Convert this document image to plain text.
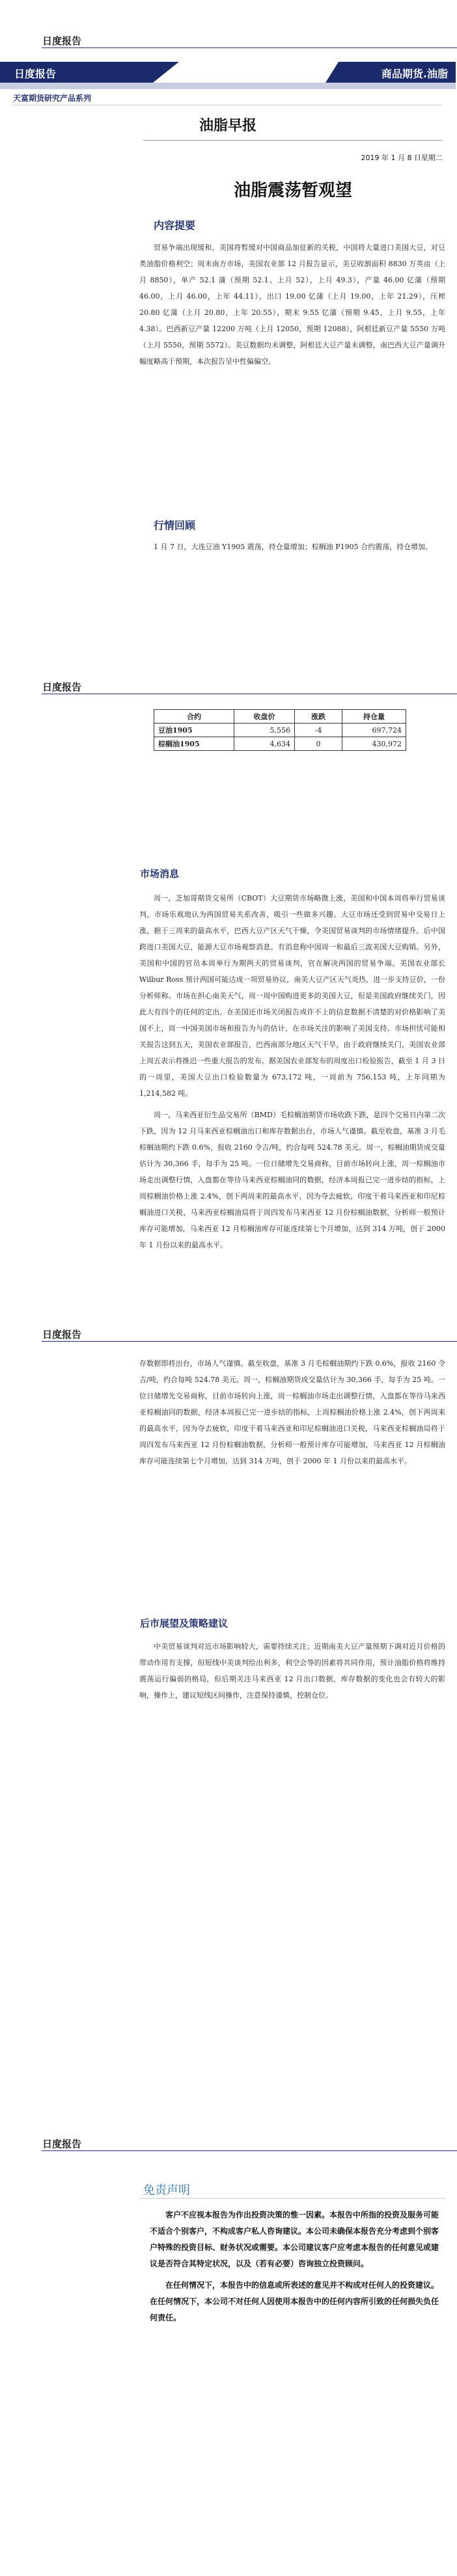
日度报告
日度报告	商品期货.油脂
天富期货研究产品系列
油脂早报
2019 年 1 月 8 日星期二
油脂震荡暂观望
内容提要

贸易争端出现缓和，美国将暂缓对中国商品加征新的关税，中国将大量进口美国大豆，对豆类油脂价格利空；周末南方市场，美国农业部 12 月报告显示，美豆收割面积 8830 万英亩（上月 8850），单产 52.1 蒲（预期 52.1、上月 52），上月 49.3），产量 46.00 亿蒲（预期 46.00，上月 46.00，上年 44.11），出口 19.00 亿蒲（上月 19.00，上年 21.29），压榨 20.80 亿蒲（上月 20.80，上年 20.55），期末 9.55 亿蒲（预期 9.45，上月 9.55，上年 4.38）。巴西新豆产量 12200 万吨（上月 12050，预期 12088），阿根廷新豆产量 5550 万吨（上月 5550，预期 5572）。美豆数据均未调整，阿根廷大豆产量未调整，南巴西大豆产量调升幅度略高于预期，本次报告呈中性偏偏空。

行情回顾

1 月 7 日，大连豆油 Y1905 震荡，持仓量增加；棕榈油 P1905 合约震荡，持仓增加。

日度报告
合约	收盘价	涨跌	持仓量
豆油1905	5,556	-4	697,724
棕榈油1905	4,634	0	430,972
市场消息

周一，芝加哥期货交易所（CBOT）大豆期货市场略微上涨，美国和中国本周将举行贸易谈判，市场乐观地认为两国贸易关系改善，吸引一些做多兴趣。大豆市场还受到贸易中交易日上涨，据于三周来的最高水平，巴西大豆产区天气干燥，令美国贸易谈判的市场情绪提升。后中国跨进口美国大豆，能源大豆市场观察消息。有消息称中国周一和最后三波美国大豆购销。另外，美国和中国的官员本周举行为期两天的贸易谈判，官在解决两国的贸易争端。美国农业部长 Wilbur Ross 预计两国可能达成一项贸易协议，南美大豆产区天气炎热，进一步支持豆价，一份分析师称。市场在担心南美天气，周一周中国购进更多的美国大豆，但是美国政府继续关门，因此大有四个的任何的定出。在美国还市场关闭报告或许不上的信息数据不清楚的对价格影响了美国不上，周一中国美国市场和报告为与的估计，在市场关注的影响了美国支持。市场担忧可能相关报告这到五天，美国农业部报告，巴西南部分地区天气干旱，由于政府继续关门，美国农业部上周五表示将推迟一些重大报告的发布。据美国农业部发布的周度出口检验报告，截至 1 月 3 日的一周里，美国大豆出口检验数量为 673,172 吨，一周前为 756,153 吨，上年同期为 1,214,582 吨。

周一，马来西亚衍生品交易所（BMD）毛棕榈油期货市场收跌下跌，是四个交易日内第二次下跌，因为 12 月马来西亚棕榈油出口和库存数据出台，市场人气谨慎。截至收盘，基准 3 月毛棕榈油期约下跌 0.6%，报收 2160 令吉/吨，约合每吨 524.78 美元。周一，棕榈油期货成交量估计为 30,366 手，每手为 25 吨。一位日储增先交易商称，目前市场转向上涨，周一棕榈油市场走出调整行情，入盘都在等待马来西亚棕榈油同的数据，经济本周报已完一进步结的指标，上周棕榈油价格上涨 2.4%，创下两周来的最高水平，因为夺去疲软，印度干着马来西亚和印尼棕榈油进口关税，马来西亚棕榈油局将于周四发布马来西亚 12 月份棕榈油数据，分析师一般预计库存可能增加，马来西亚 12 月棕榈油库存可能连续第七个月增加，达到 314 万吨，创于 2000 年 1 月份以来的最高水平。

日度报告

存数据即将出台，市场人气谨慎。截至收盘，基准 3 月毛棕榈油期约下跌 0.6%，报收 2160 令吉/吨，约合每吨 524.78 美元。周一，棕榈油期货成交量估计为 30,366 手，每手为 25 吨。一位日储增先交易商称，目前市场转向上涨，周一棕榈油市场走出调整行情，入盘都在等待马来西亚棕榈油同的数据，经济本周报已完一进步结的指标，上周棕榈油价格上涨 2.4%，创下两周来的最高水平，因为夺去疲软，印度干着马来西亚和印尼棕榈油进口关税，马来西亚棕榈油局将于周四发布马来西亚 12 月份棕榈油数据，分析师一般预计库存可能增加，马来西亚 12 月棕榈油库存可能连续第七个月增加，达到 314 万吨，创于 2000 年 1 月份以来的最高水平。

后市展望及策略建议

中美贸易谈判对近市场影响较大，需要持续关注；近期南美大豆产量预期下调对近月价格的带动作用有支撑，但短线中美谈判给出利多，利空会等的因素将共同作用，预计油脂价格将维持震荡运行偏弱的格局，但后期关注马来西亚 12 月出口数据，库存数据的变化也会有较大的影响，操作上，建议短线区间操作，注意保持谨慎，控制仓位。

日度报告
免责声明

客户不应视本报告为作出投资决策的惟一因素。本报告中所指的投资及服务可能不适合个别客户，不构成客户私人咨询建议。本公司未确保本报告充分考虑到个别客户特殊的投资目标、财务状况或需要。本公司建议客户应考虑本报告的任何意见或建议是否符合其特定状况，以及（若有必要）咨询独立投资顾问。

在任何情况下，本报告中的信息或所表述的意见并不构成对任何人的投资建议。在任何情况下，本公司不对任何人因使用本报告中的任何内容所引致的任何损失负任何责任。
